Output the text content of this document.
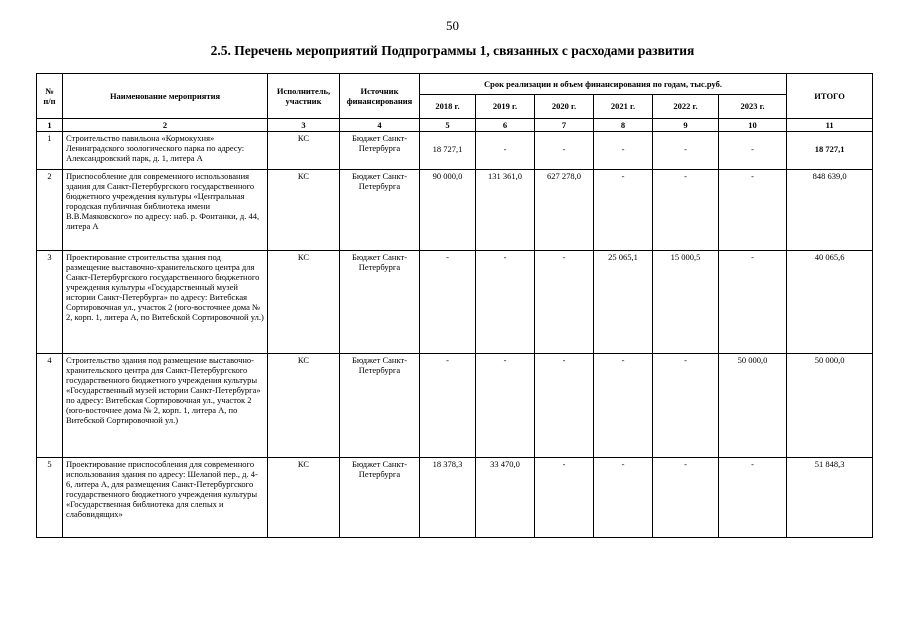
50
2.5. Перечень мероприятий Подпрограммы 1, связанных с расходами развития
№
п/п	Наименование мероприятия	Исполнитель, участник	Источник финансирования	Срок реализации и объем финансирования по годам, тыс.руб.						ИТОГО
				2018 г.	2019 г.	2020 г.	2021 г.	2022 г.	2023 г.	
1	2	3	4	5	6	7	8	9	10	11
1	Строительство павильона «Кормокухня» Ленинградского зоологического парка по адресу: Александровский парк, д. 1, литера А	КС	Бюджет Санкт-Петербурга	18 727,1	-	-	-	-	-	18 727,1
2	Приспособление для современного использования здания для Санкт-Петербургского государственного бюджетного учреждения культуры «Центральная городская публичная библиотека имени В.В.Маяковского» по адресу: наб. р. Фонтанки, д. 44, литера А	КС	Бюджет Санкт-Петербурга	90 000,0	131 361,0	627 278,0	-	-	-	848 639,0
3	Проектирование строительства здания под размещение выставочно-хранительского центра для Санкт-Петербургского государственного бюджетного учреждения культуры «Государственный музей истории Санкт-Петербурга» по адресу: Витебская Сортировочная ул., участок 2 (юго-восточнее дома № 2, корп. 1, литера А, по Витебской Сортировочной ул.)	КС	Бюджет Санкт-Петербурга	-	-	-	25 065,1	15 000,5	-	40 065,6
4	Строительство здания под размещение выставочно-хранительского центра для Санкт-Петербургского государственного бюджетного учреждения культуры «Государственный музей истории Санкт-Петербурга» по адресу: Витебская Сортировочная ул., участок 2 (юго-восточнее дома № 2, корп. 1, литера А, по Витебской Сортировочной ул.)	КС	Бюджет Санкт-Петербурга	-	-	-	-	-	50 000,0	50 000,0
5	Проектирование приспособления для современного использования здания по адресу: Шелапой пер., д. 4-6, литера А, для размещения Санкт-Петербургского государственного бюджетного учреждения культуры «Государственная библиотека для слепых и слабовидящих»	КС	Бюджет Санкт-Петербурга	18 378,3	33 470,0	-	-	-	-	51 848,3
